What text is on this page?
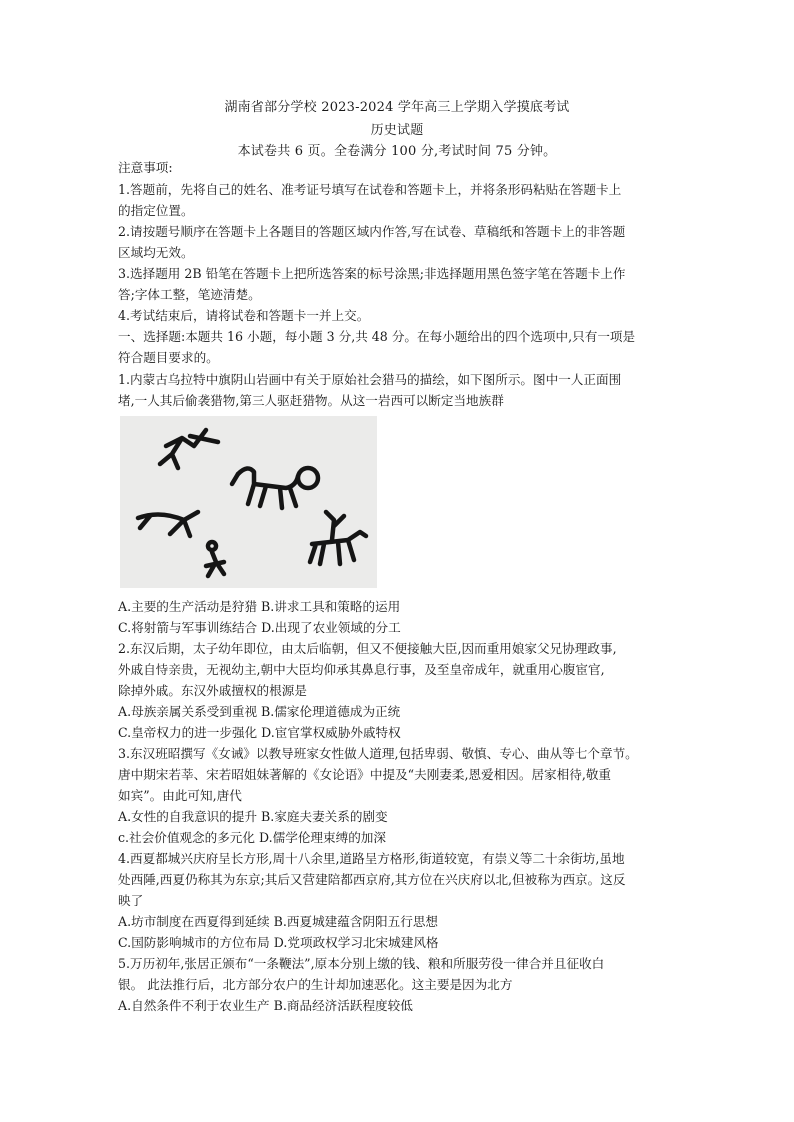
湖南省部分学校 2023-2024 学年高三上学期入学摸底考试
历史试题
本试卷共 6 页。全卷满分 100 分,考试时间 75 分钟。
注意事项:
1.答题前，先将自己的姓名、准考证号填写在试卷和答题卡上，并将条形码粘贴在答题卡上
的指定位置。
2.请按题号顺序在答题卡上各题目的答题区域内作答,写在试卷、草稿纸和答题卡上的非答题
区域均无效。
3.选择题用 2B 铅笔在答题卡上把所选答案的标号涂黑;非选择题用黑色签字笔在答题卡上作
答;字体工整，笔迹清楚。
4.考试结束后，请将试卷和答题卡一并上交。
一、选择题:本题共 16 小题，每小题 3 分,共 48 分。在每小题给出的四个选项中,只有一项是
符合题目要求的。
1.内蒙古乌拉特中旗阴山岩画中有关于原始社会猎马的描绘，如下图所示。图中一人正面围
堵,一人其后偷袭猎物,第三人驱赶猎物。从这一岩西可以断定当地族群
A.主要的生产活动是狩猎 B.讲求工具和策略的运用
C.将射箭与军事训练结合 D.出现了农业领域的分工
2.东汉后期，太子幼年即位，由太后临朝，但又不便接触大臣,因而重用娘家父兄协理政事,
外戚自恃亲贵，无视幼主,朝中大臣均仰承其鼻息行事，及至皇帝成年，就重用心腹宦官,
除掉外戚。东汉外戚擅权的根源是
A.母族亲属关系受到重视 B.儒家伦理道德成为正统
C.皇帝权力的进一步强化 D.宦官掌权威胁外戚特权
3.东汉班昭撰写《女诫》以教导班家女性做人道理,包括卑弱、敬慎、专心、曲从等七个章节。
唐中期宋若莘、宋若昭姐妹著解的《女论语》中提及“夫刚妻柔,恩爱相因。居家相待,敬重
如宾”。由此可知,唐代
A.女性的自我意识的提升 B.家庭夫妻关系的剧变
c.社会价值观念的多元化 D.儒学伦理束缚的加深
4.西夏都城兴庆府呈长方形,周十八余里,道路呈方格形,街道较宽，有崇义等二十余街坊,虽地
处西陲,西夏仍称其为东京;其后又营建陪都西京府,其方位在兴庆府以北,但被称为西京。这反
映了
A.坊市制度在西夏得到延续 B.西夏城建蕴含阴阳五行思想
C.国防影响城市的方位布局 D.党项政权学习北宋城建风格
5.万历初年,张居正颁布“一条鞭法”,原本分别上缴的钱、粮和所服劳役一律合并且征收白
银。 此法推行后，北方部分农户的生计却加速恶化。这主要是因为北方
A.自然条件不利于农业生产 B.商品经济活跃程度较低
